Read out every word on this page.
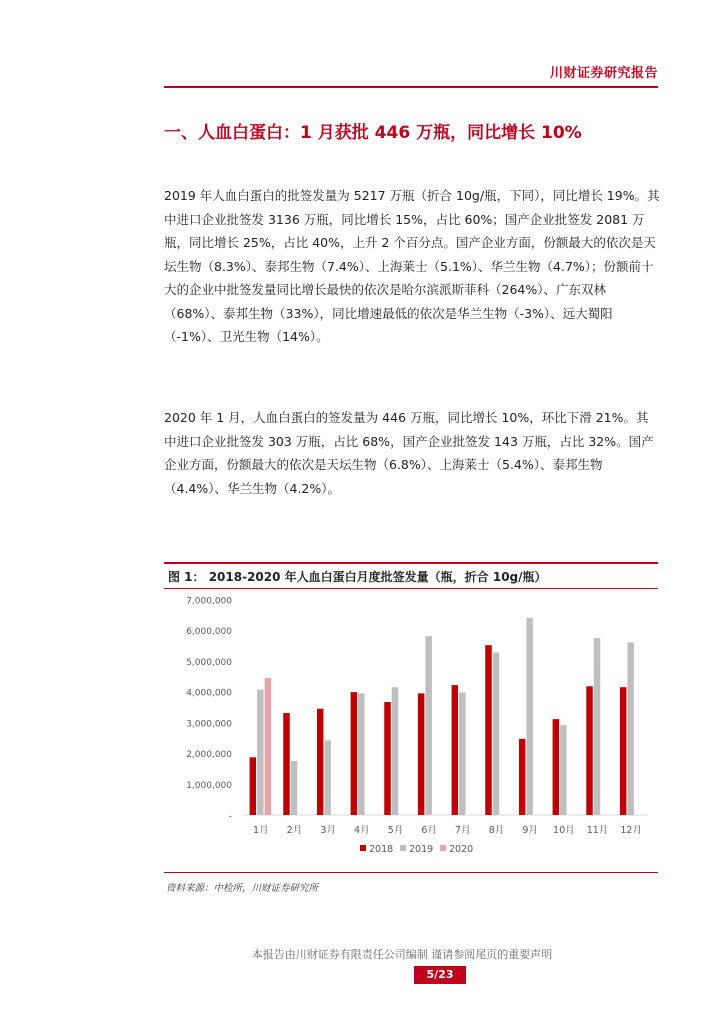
川财证券研究报告
一、人血白蛋白：1 月获批 446 万瓶，同比增长 10%

2019 年人血白蛋白的批签发量为 5217 万瓶（折合 10g/瓶，下同），同比增长 19%。其中进口企业批签发 3136 万瓶，同比增长 15%，占比 60%；国产企业批签发 2081 万瓶，同比增长 25%，占比 40%，上升 2 个百分点。国产企业方面，份额最大的依次是天坛生物（8.3%）、泰邦生物（7.4%）、上海莱士（5.1%）、华兰生物（4.7%）；份额前十大的企业中批签发量同比增长最快的依次是哈尔滨派斯菲科（264%）、广东双林（68%）、泰邦生物（33%），同比增速最低的依次是华兰生物（-3%）、远大蜀阳（-1%）、卫光生物（14%）。

2020 年 1 月，人血白蛋白的签发量为 446 万瓶，同比增长 10%，环比下滑 21%。其中进口企业批签发 303 万瓶，占比 68%，国产企业批签发 143 万瓶，占比 32%。国产企业方面，份额最大的依次是天坛生物（6.8%）、上海莱士（5.4%）、泰邦生物（4.4%）、华兰生物（4.2%）。

图 1： 2018-2020 年人血白蛋白月度批签发量（瓶，折合 10g/瓶）
-
1,000,000
2,000,000
3,000,000
4,000,000
5,000,000
6,000,000
7,000,000
1月 2月 3月 4月 5月 6月 7月 8月 9月 10月 11月 12月
2018 2019 2020
资料来源：中检所，川财证券研究所
本报告由川财证券有限责任公司编制 谨请参阅尾页的重要声明
5/23
